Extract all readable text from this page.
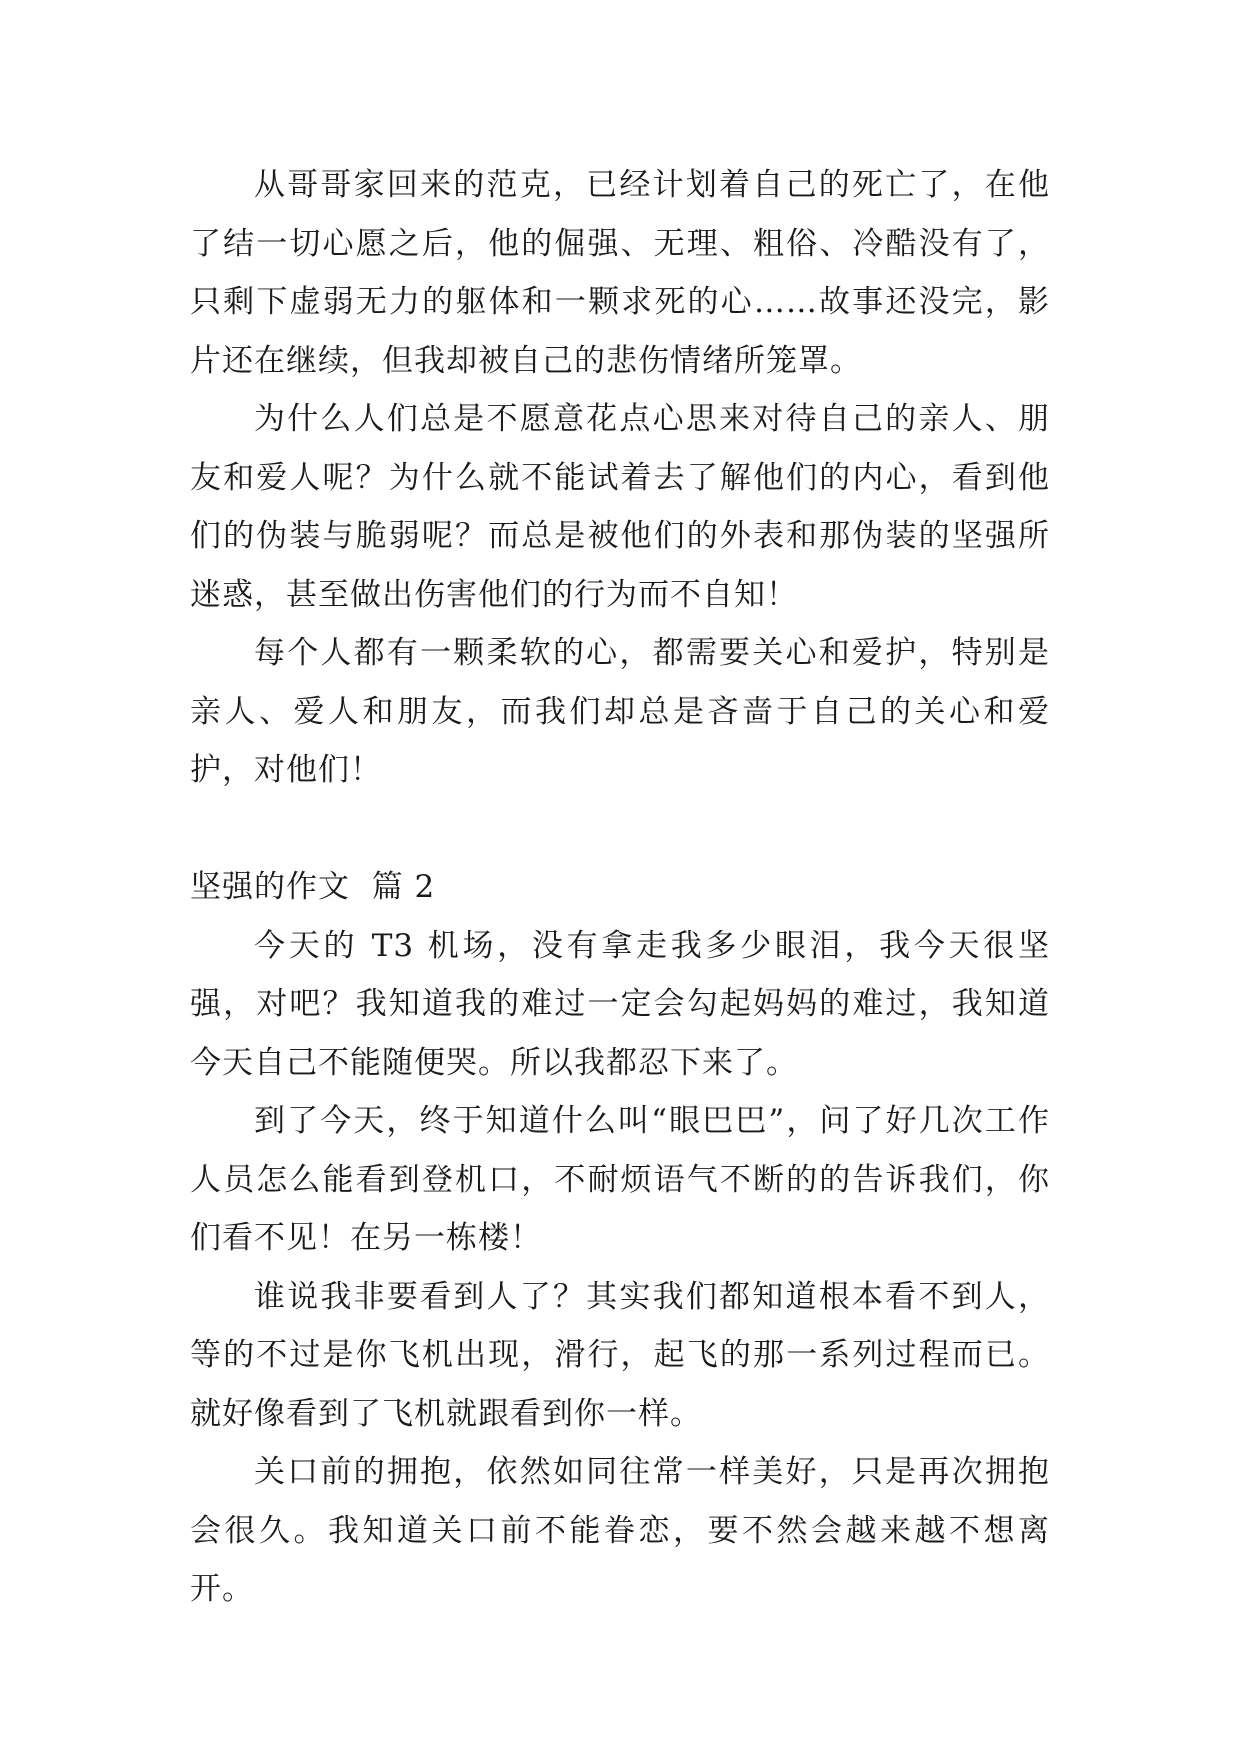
从哥哥家回来的范克，已经计划着自己的死亡了，在他了结一切心愿之后，他的倔强、无理、粗俗、冷酷没有了，只剩下虚弱无力的躯体和一颗求死的心……故事还没完，影片还在继续，但我却被自己的悲伤情绪所笼罩。

为什么人们总是不愿意花点心思来对待自己的亲人、朋友和爱人呢？为什么就不能试着去了解他们的内心，看到他们的伪装与脆弱呢？而总是被他们的外表和那伪装的坚强所迷惑，甚至做出伤害他们的行为而不自知！

每个人都有一颗柔软的心，都需要关心和爱护，特别是亲人、爱人和朋友，而我们却总是吝啬于自己的关心和爱护，对他们！

坚强的作文  篇 2

今天的 T3 机场，没有拿走我多少眼泪，我今天很坚强，对吧？我知道我的难过一定会勾起妈妈的难过，我知道今天自己不能随便哭。所以我都忍下来了。

到了今天，终于知道什么叫“眼巴巴”，问了好几次工作人员怎么能看到登机口，不耐烦语气不断的的告诉我们，你们看不见！在另一栋楼！

谁说我非要看到人了？其实我们都知道根本看不到人，等的不过是你飞机出现，滑行，起飞的那一系列过程而已。就好像看到了飞机就跟看到你一样。

关口前的拥抱，依然如同往常一样美好，只是再次拥抱会很久。我知道关口前不能眷恋，要不然会越来越不想离开。
